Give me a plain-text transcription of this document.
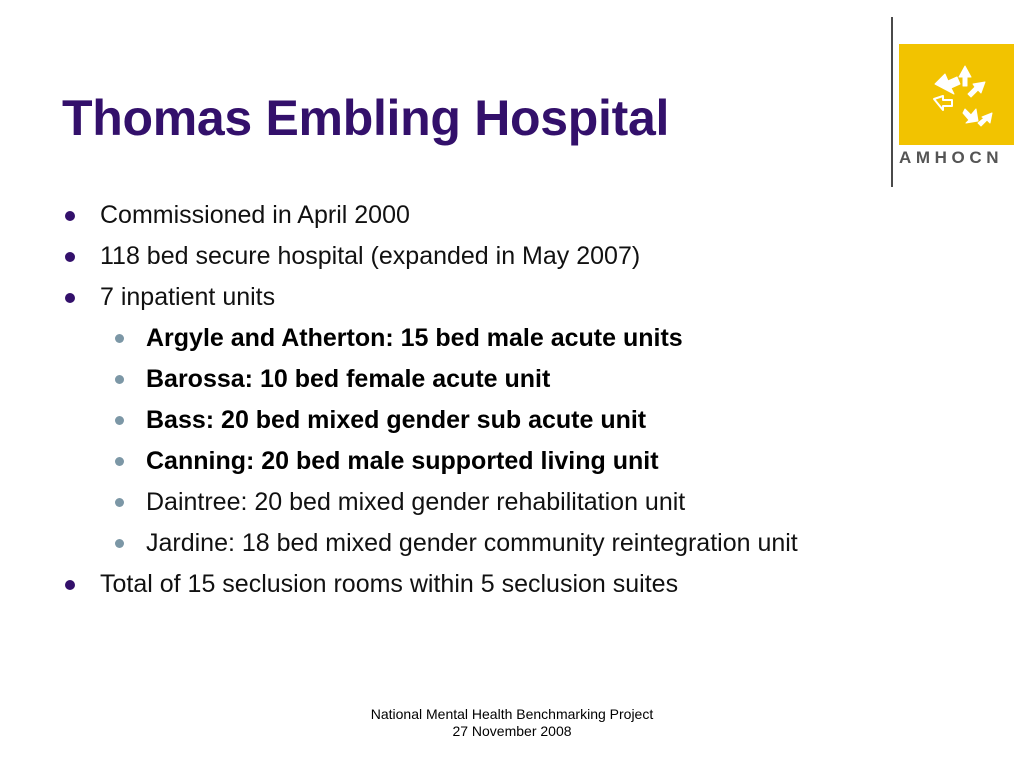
Thomas Embling Hospital
AMHOCN
Commissioned in April 2000
118 bed secure hospital (expanded in May 2007)
7 inpatient units
Argyle and Atherton: 15 bed male acute units
Barossa: 10 bed female acute unit
Bass: 20 bed mixed gender sub acute unit
Canning: 20 bed male supported living unit
Daintree: 20 bed mixed gender rehabilitation unit
Jardine: 18 bed mixed gender community reintegration unit
Total of 15 seclusion rooms within 5 seclusion suites
National Mental Health Benchmarking Project
27 November 2008
